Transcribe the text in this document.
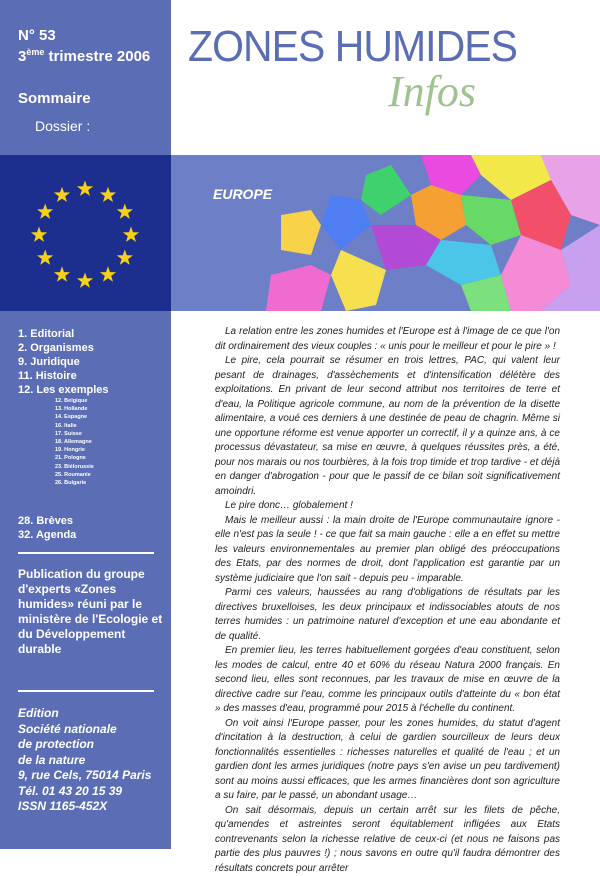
N° 53
3ème trimestre 2006
Sommaire
Dossier :
ZONES HUMIDES
Infos
EUROPE
1. Editorial
2. Organismes
9. Juridique
11. Histoire
12. Les exemples
12. Belgique
13. Hollande
14. Espagne
16. Italie
17. Suisse
18. Allemagne
19. Hongrie
21. Pologne
23. Biélorussie
25. Roumanie
26. Bulgarie
28. Brèves
32. Agenda
Publication du groupe d'experts «Zones humides» réuni par le ministère de l'Ecologie et du Développement durable
Edition
Société nationale
de protection
de la nature
9, rue Cels, 75014 Paris
Tél. 01 43 20 15 39
ISSN 1165-452X

La relation entre les zones humides et l'Europe est à l'image de ce que l'on dit ordinairement des vieux couples : « unis pour le meilleur et pour le pire » !

Le pire, cela pourrait se résumer en trois lettres, PAC, qui valent leur pesant de drainages, d'assèchements et d'intensification délétère des exploitations. En privant de leur second attribut nos territoires de terre et d'eau, la Politique agricole commune, au nom de la prévention de la disette alimentaire, a voué ces derniers à une destinée de peau de chagrin. Même si une opportune réforme est venue apporter un correctif, il y a quinze ans, à ce processus dévastateur, sa mise en œuvre, à quelques réussites près, a été, pour nos marais ou nos tourbières, à la fois trop timide et trop tardive - et déjà en danger d'abrogation - pour que le passif de ce bilan soit significativement amoindri.

Le pire donc… globalement !

Mais le meilleur aussi : la main droite de l'Europe communautaire ignore - elle n'est pas la seule ! - ce que fait sa main gauche : elle a en effet su mettre les valeurs environnementales au premier plan obligé des préoccupations des Etats, par des normes de droit, dont l'application est garantie par un système judiciaire que l'on sait - depuis peu - imparable.

Parmi ces valeurs, haussées au rang d'obligations de résultats par les directives bruxelloises, les deux principaux et indissociables atouts de nos terres humides : un patrimoine naturel d'exception et une eau abondante et de qualité.

En premier lieu, les terres habituellement gorgées d'eau constituent, selon les modes de calcul, entre 40 et 60% du réseau Natura 2000 français. En second lieu, elles sont reconnues, par les travaux de mise en œuvre de la directive cadre sur l'eau, comme les principaux outils d'atteinte du « bon état » des masses d'eau, programmé pour 2015 à l'échelle du continent.

On voit ainsi l'Europe passer, pour les zones humides, du statut d'agent d'incitation à la destruction, à celui de gardien sourcilleux de leurs deux fonctionnalités essentielles : richesses naturelles et qualité de l'eau ; et un gardien dont les armes juridiques (notre pays s'en avise un peu tardivement) sont au moins aussi efficaces, que les armes financières dont son agriculture a su faire, par le passé, un abondant usage…

On sait désormais, depuis un certain arrêt sur les filets de pêche, qu'amendes et astreintes seront équitablement infligées aux Etats contrevenants selon la richesse relative de ceux-ci (et nous ne faisons pas partie des plus pauvres !) ; nous savons en outre qu'il faudra démontrer des résultats concrets pour arrêter
